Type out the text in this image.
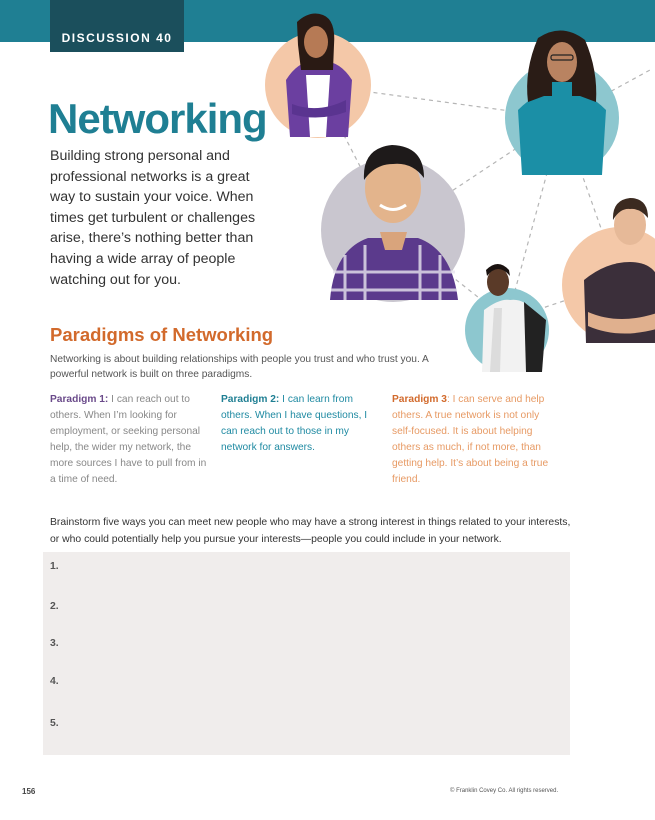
DISCUSSION 40
Networking

Building strong personal and professional networks is a great way to sustain your voice. When times get turbulent or challenges arise, there’s nothing better than having a wide array of people watching out for you.

Paradigms of Networking

Networking is about building relationships with people you trust and who trust you. A powerful network is built on three paradigms.

Paradigm 1: I can reach out to others. When I’m looking for employment, or seeking personal help, the wider my network, the more sources I have to pull from in a time of need.

Paradigm 2: I can learn from others. When I have questions, I can reach out to those in my network for answers.

Paradigm 3: I can serve and help others. A true network is not only self-focused. It is about helping others as much, if not more, than getting help. It’s about being a true friend.

Brainstorm five ways you can meet new people who may have a strong interest in things related to your interests, or who could potentially help you pursue your interests—people you could include in your network.

1.
2.
3.
4.
5.
156	© Franklin Covey Co. All rights reserved.
